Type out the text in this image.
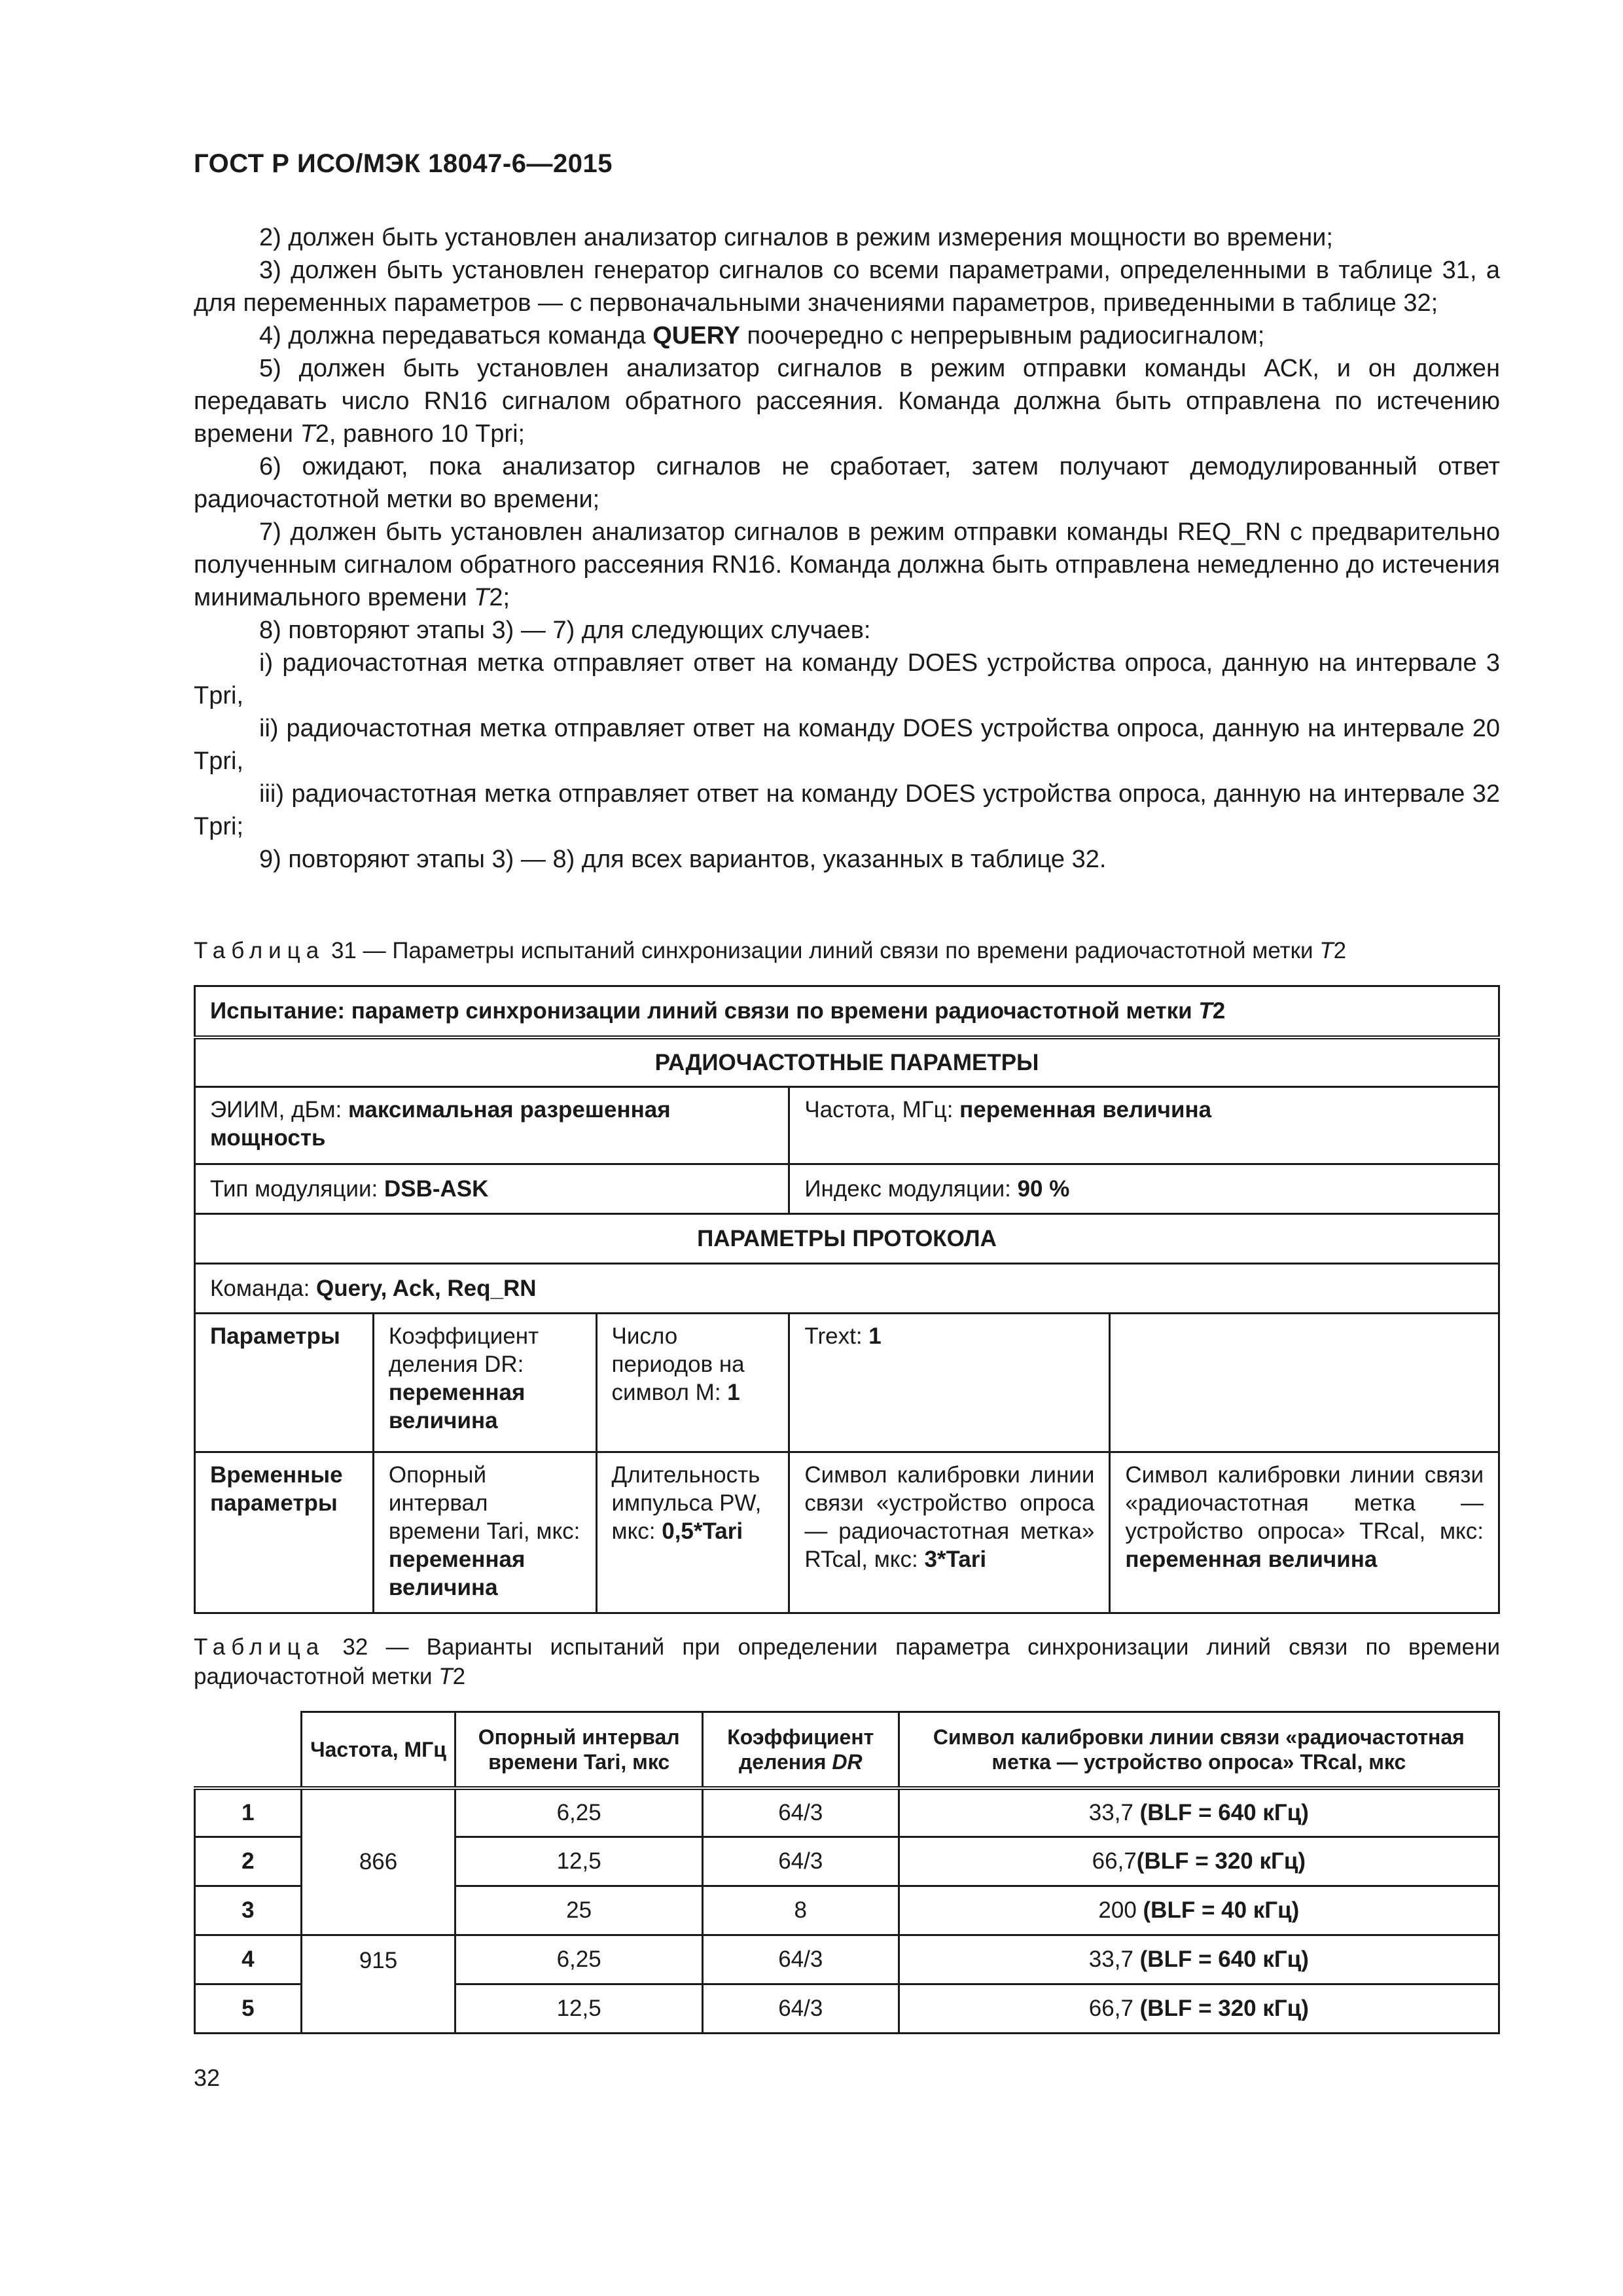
ГОСТ Р ИСО/МЭК 18047-6—2015

2) должен быть установлен анализатор сигналов в режим измерения мощности во времени;

3) должен быть установлен генератор сигналов со всеми параметрами, определенными в таблице 31, а для переменных параметров — с первоначальными значениями параметров, приведенными в таблице 32;

4) должна передаваться команда QUERY поочередно с непрерывным радиосигналом;

5) должен быть установлен анализатор сигналов в режим отправки команды АСК, и он должен передавать число RN16 сигналом обратного рассеяния. Команда должна быть отправлена по истечению времени T2, равного 10 Tpri;

6) ожидают, пока анализатор сигналов не сработает, затем получают демодулированный ответ радиочастотной метки во времени;

7) должен быть установлен анализатор сигналов в режим отправки команды REQ_RN с предварительно полученным сигналом обратного рассеяния RN16. Команда должна быть отправлена немедленно до истечения минимального времени T2;

8) повторяют этапы 3) — 7) для следующих случаев:

i) радиочастотная метка отправляет ответ на команду DOES устройства опроса, данную на интервале 3 Tpri,

ii) радиочастотная метка отправляет ответ на команду DOES устройства опроса, данную на интервале 20 Tpri,

iii) радиочастотная метка отправляет ответ на команду DOES устройства опроса, данную на интервале 32 Tpri;

9) повторяют этапы 3) — 8) для всех вариантов, указанных в таблице 32.

Таблица 31 — Параметры испытаний синхронизации линий связи по времени радиочастотной метки T2
Испытание: параметр синхронизации линий связи по времени радиочастотной метки T2				
РАДИОЧАСТОТНЫЕ ПАРАМЕТРЫ				
ЭИИМ, дБм: максимальная разрешенная мощность			Частота, МГц: переменная величина	
Тип модуляции: DSB-ASK			Индекс модуляции: 90 %	
ПАРАМЕТРЫ ПРОТОКОЛА				
Команда: Query, Ack, Req_RN				
Параметры	Коэффициент деления DR: переменная величина	Число периодов на символ М: 1	Trext: 1	
Временные параметры	Опорный интервал времени Tari, мкс: переменная величина	Длительность импульса PW, мкс: 0,5*Tari	Символ калибровки линии связи «устройство опроса — радиочастотная метка» RTcal, мкс: 3*Tari	Символ калибровки линии связи «радиочастотная метка — устройство опроса» TRcal, мкс: переменная величина
Таблица 32 — Варианты испытаний при определении параметра синхронизации линий связи по времени радиочастотной метки T2
	Частота, МГц	Опорный интервал времени Tari, мкс	Коэффициент деления DR	Символ калибровки линии связи «радиочастотная метка — устройство опроса» TRcal, мкс
1	866	6,25	64/3	33,7 (BLF = 640 кГц)
2		12,5	64/3	66,7(BLF = 320 кГц)
3		25	8	200 (BLF = 40 кГц)
4	915	6,25	64/3	33,7 (BLF = 640 кГц)
5		12,5	64/3	66,7 (BLF = 320 кГц)
32
